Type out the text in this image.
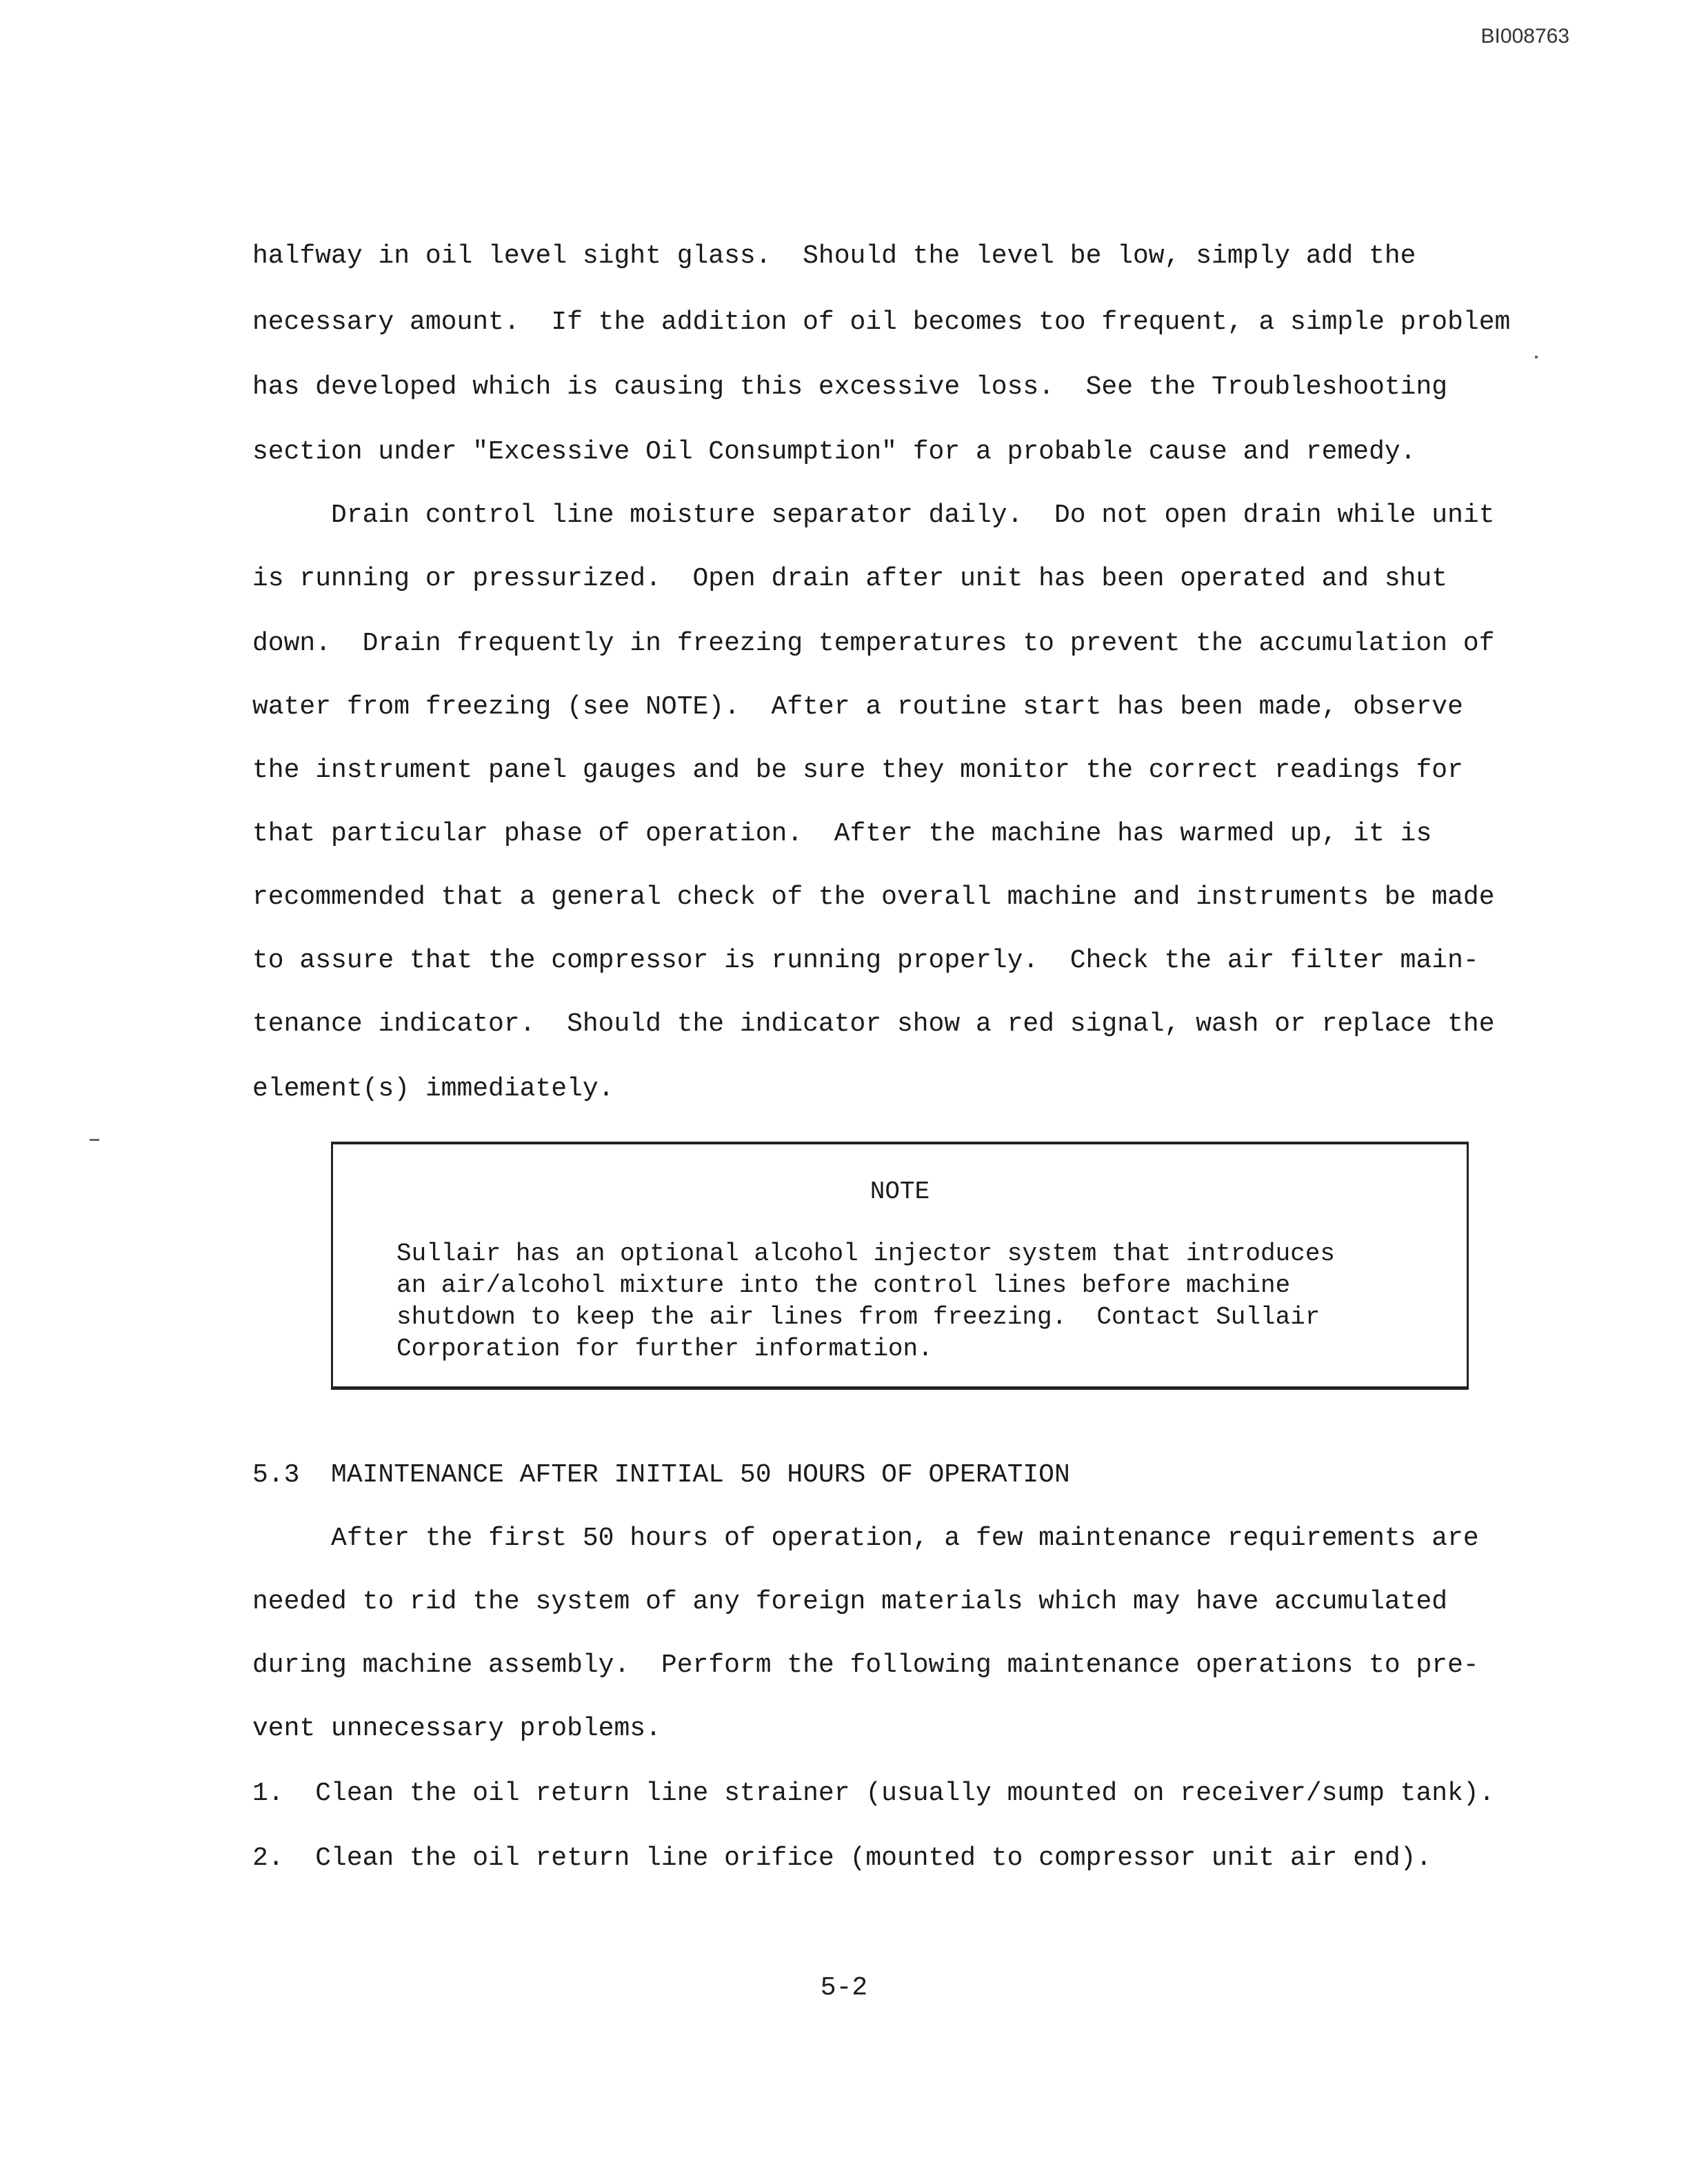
BI008763
halfway in oil level sight glass.  Should the level be low, simply add the
necessary amount.  If the addition of oil becomes too frequent, a simple problem
has developed which is causing this excessive loss.  See the Troubleshooting
section under "Excessive Oil Consumption" for a probable cause and remedy.
Drain control line moisture separator daily.  Do not open drain while unit
is running or pressurized.  Open drain after unit has been operated and shut
down.  Drain frequently in freezing temperatures to prevent the accumulation of
water from freezing (see NOTE).  After a routine start has been made, observe
the instrument panel gauges and be sure they monitor the correct readings for
that particular phase of operation.  After the machine has warmed up, it is
recommended that a general check of the overall machine and instruments be made
to assure that the compressor is running properly.  Check the air filter main-
tenance indicator.  Should the indicator show a red signal, wash or replace the
element(s) immediately.
NOTE
Sullair has an optional alcohol injector system that introduces
an air/alcohol mixture into the control lines before machine
shutdown to keep the air lines from freezing.  Contact Sullair
Corporation for further information.
5.3  MAINTENANCE AFTER INITIAL 50 HOURS OF OPERATION
After the first 50 hours of operation, a few maintenance requirements are
needed to rid the system of any foreign materials which may have accumulated
during machine assembly.  Perform the following maintenance operations to pre-
vent unnecessary problems.
1.  Clean the oil return line strainer (usually mounted on receiver/sump tank).
2.  Clean the oil return line orifice (mounted to compressor unit air end).
5-2
